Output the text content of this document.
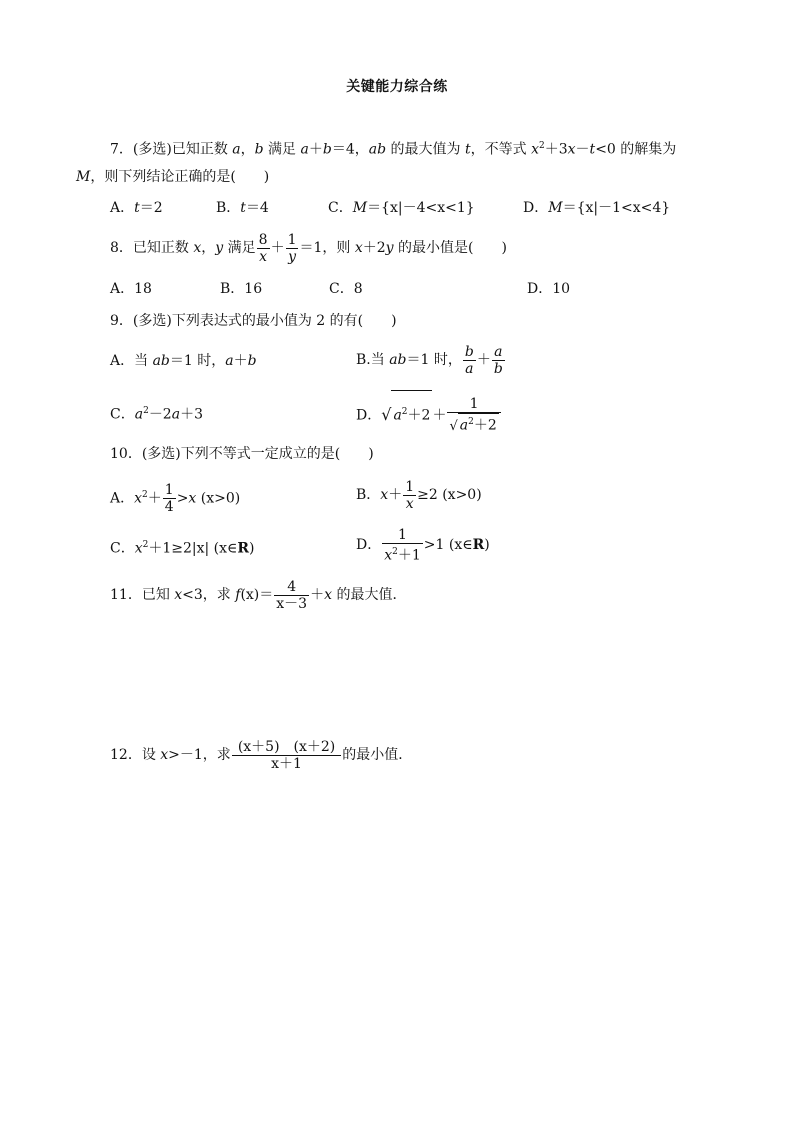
关键能力综合练
7．(多选)已知正数 a，b 满足 a＋b＝4，ab 的最大值为 t，不等式 $x^2+3x-t<0$ 的解集为
M，则下列结论正确的是(　　)
A．t＝2	B．t＝4	C．M＝{x|－4<x<1}	D．M＝{x|－1<x<4}
8．已知正数 x，y 满足 $\frac{8}{x} + \frac{1}{y} =1$，则 x＋2y 的最小值是(　　)
A．18	B．16	C．8	D．10
9．(多选)下列表达式的最小值为 2 的有(　　)
A．当 ab＝1 时，a＋b	B.当 ab＝1 时， $\frac{b}{a} + \frac{a}{b}$
C．$a^2-2a+3$	D．√ $a^2+2 + \frac{1}{√ a^2+2}$
10．(多选)下列不等式一定成立的是(　　)
A．$x^2+ \frac{1}{4} >x$ (x>0)	B．$x+ \frac{1}{x} \ge 2$ (x>0)
C．$x^2+1\ge 2|x|$ (x∈R)	D． $\frac{1}{x^2+1} >1$ (x∈R)
11．已知 x<3，求 $f(x)= \frac{4}{x-3} +x$ 的最大值．
12．设 x>－1，求 $\frac{(x+5) (x+2)}{x+1}$ 的最小值．
